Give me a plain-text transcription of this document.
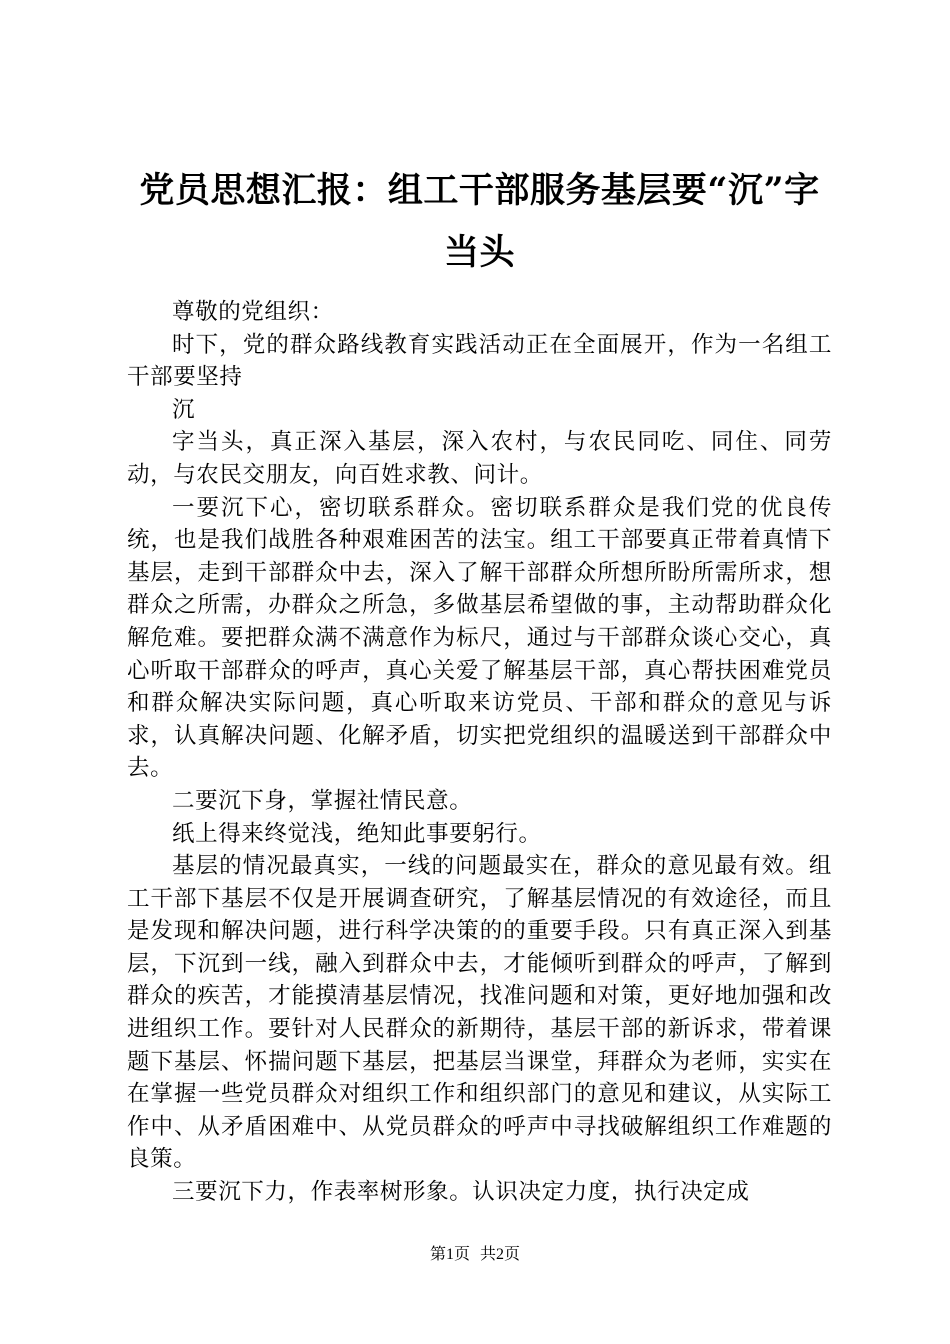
党员思想汇报：组工干部服务基层要“沉”字
当头

尊敬的党组织：

时下，党的群众路线教育实践活动正在全面展开，作为一名组工干部要坚持

沉

字当头，真正深入基层，深入农村，与农民同吃、同住、同劳动，与农民交朋友，向百姓求教、问计。

一要沉下心，密切联系群众。密切联系群众是我们党的优良传统，也是我们战胜各种艰难困苦的法宝。组工干部要真正带着真情下基层，走到干部群众中去，深入了解干部群众所想所盼所需所求，想群众之所需，办群众之所急，多做基层希望做的事，主动帮助群众化解危难。要把群众满不满意作为标尺，通过与干部群众谈心交心，真心听取干部群众的呼声，真心关爱了解基层干部，真心帮扶困难党员和群众解决实际问题，真心听取来访党员、干部和群众的意见与诉求，认真解决问题、化解矛盾，切实把党组织的温暖送到干部群众中去。

二要沉下身，掌握社情民意。

纸上得来终觉浅，绝知此事要躬行。

基层的情况最真实，一线的问题最实在，群众的意见最有效。组工干部下基层不仅是开展调查研究，了解基层情况的有效途径，而且是发现和解决问题，进行科学决策的的重要手段。只有真正深入到基层，下沉到一线，融入到群众中去，才能倾听到群众的呼声，了解到群众的疾苦，才能摸清基层情况，找准问题和对策，更好地加强和改进组织工作。要针对人民群众的新期待，基层干部的新诉求，带着课题下基层、怀揣问题下基层，把基层当课堂，拜群众为老师，实实在在掌握一些党员群众对组织工作和组织部门的意见和建议，从实际工作中、从矛盾困难中、从党员群众的呼声中寻找破解组织工作难题的良策。

三要沉下力，作表率树形象。认识决定力度，执行决定成

第1页 共2页
